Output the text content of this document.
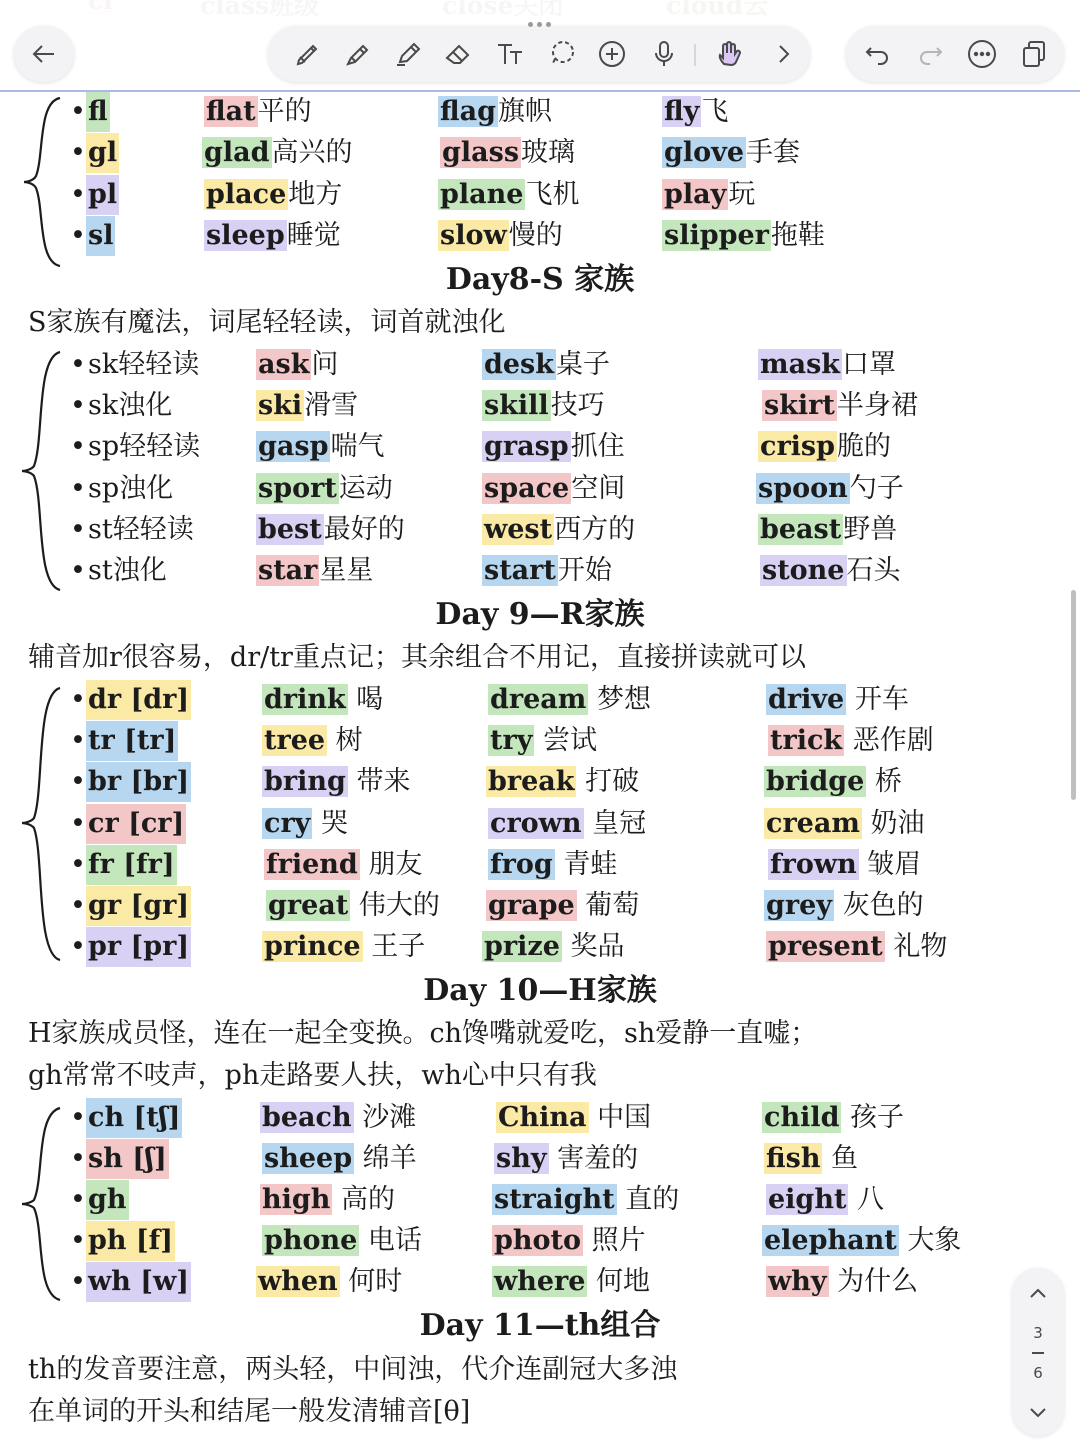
• fl	flat平的	flag旗帜	fly飞
• gl	glad高兴的	glass玻璃	glove手套
• pl	place地方	plane飞机	play玩
• sl	sleep睡觉	slow慢的	slipper拖鞋
Day8-S 家族
S家族有魔法，词尾轻轻读，词首就浊化
• sk轻轻读 ask问	desk桌子	mask口罩
• sk浊化	ski滑雪	skill技巧	skirt半身裙
• sp轻轻读 gasp喘气	grasp抓住	crisp脆的
• sp浊化	sport运动	space空间	spoon勺子
• st轻轻读 best最好的	west西方的	beast野兽
• st浊化	star星星	start开始	stone石头
Day 9—R家族
辅音加r很容易，dr/tr重点记；其余组合不用记，直接拼读就可以
• dr [dr]	drink 喝	dream 梦想	drive 开车
• tr [tr]	tree 树	try 尝试	trick 恶作剧
• br [br]	bring 带来	break 打破	bridge 桥
• cr [cr]	cry 哭	crown 皇冠	cream 奶油
• fr [fr]	friend 朋友	frog 青蛙	frown 皱眉
• gr [gr]	great 伟大的 grape 葡萄	grey 灰色的
• pr [pr]	prince 王子 prize 奖品	present 礼物
Day 10—H家族
H家族成员怪，连在一起全变换。ch馋嘴就爱吃，sh爱静一直嘘；
gh常常不吱声，ph走路要人扶，wh心中只有我
• ch [tʃ]	beach 沙滩	China 中国	child 孩子
• sh [ʃ]	sheep 绵羊	shy 害羞的	fish 鱼
• gh	high 高的	straight 直的	eight 八
• ph [f]	phone 电话	photo 照片	elephant 大象
• wh [w]	when 何时	where 何地	why 为什么
Day 11—th组合
th的发音要注意，两头轻，中间浊，代介连副冠大多浊
在单词的开头和结尾一般发清辅音[θ]
3
6
